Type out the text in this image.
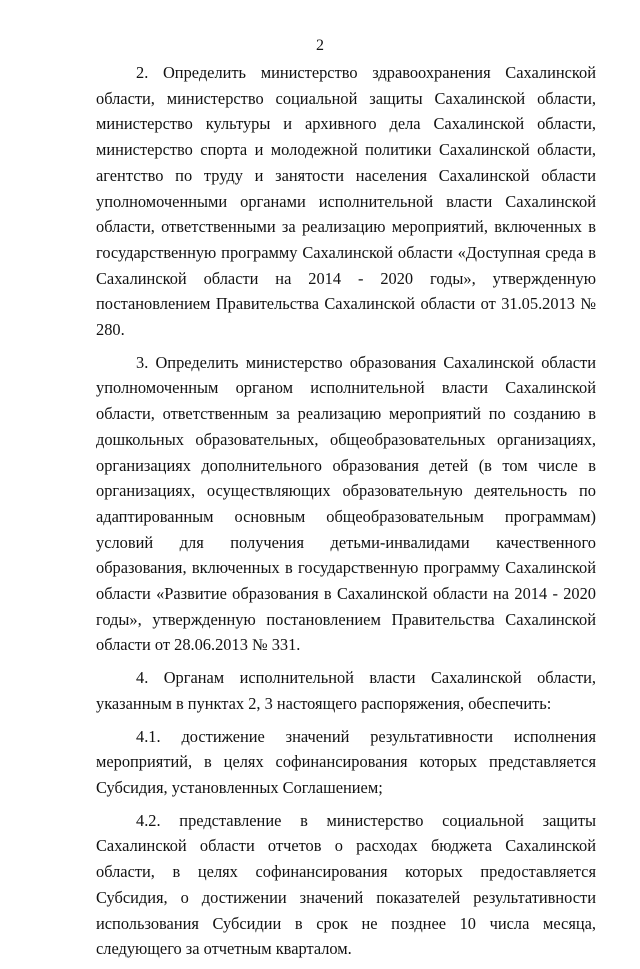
2

2. Определить министерство здравоохранения Сахалинской области, министерство социальной защиты Сахалинской области, министерство культуры и архивного дела Сахалинской области, министерство спорта и молодежной политики Сахалинской области, агентство по труду и занятости населения Сахалинской области уполномоченными органами исполнительной власти Сахалинской области, ответственными за реализацию мероприятий, включенных в государственную программу Сахалинской области «Доступная среда в Сахалинской области на 2014 - 2020 годы», утвержденную постановлением Правительства Сахалинской области от 31.05.2013 № 280.

3. Определить министерство образования Сахалинской области уполномоченным органом исполнительной власти Сахалинской области, ответственным за реализацию мероприятий по созданию в дошкольных образовательных, общеобразовательных организациях, организациях дополнительного образования детей (в том числе в организациях, осуществляющих образовательную деятельность по адаптированным основным общеобразовательным программам) условий для получения детьми-инвалидами качественного образования, включенных в государственную программу Сахалинской области «Развитие образования в Сахалинской области на 2014 - 2020 годы», утвержденную постановлением Правительства Сахалинской области от 28.06.2013 № 331.

4. Органам исполнительной власти Сахалинской области, указанным в пунктах 2, 3 настоящего распоряжения, обеспечить:

4.1. достижение значений результативности исполнения мероприятий, в целях софинансирования которых представляется Субсидия, установленных Соглашением;

4.2. представление в министерство социальной защиты Сахалинской области отчетов о расходах бюджета Сахалинской области, в целях софинансирования которых предоставляется Субсидия, о достижении значений показателей результативности использования Субсидии в срок не позднее 10 числа месяца, следующего за отчетным кварталом.
